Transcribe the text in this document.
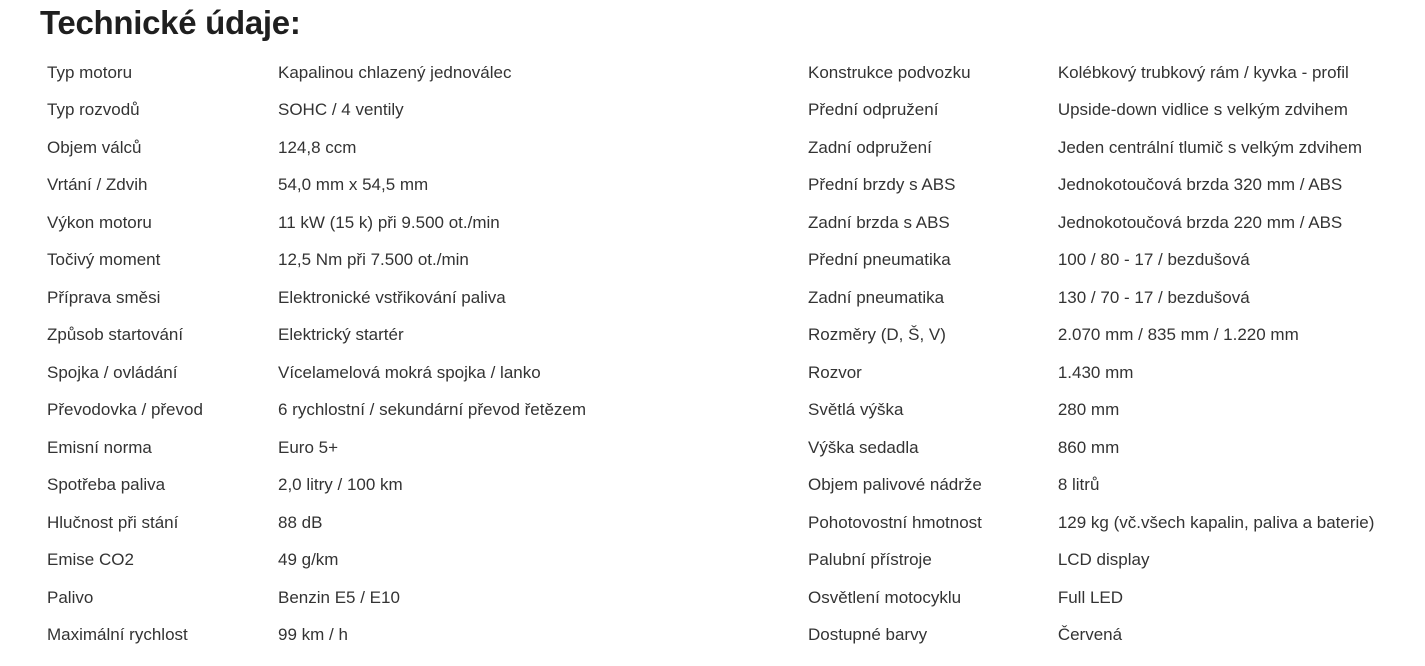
Technické údaje:
Typ motoru	Kapalinou chlazený jednoválec
Typ rozvodů	SOHC / 4 ventily
Objem válců	124,8 ccm
Vrtání / Zdvih	54,0 mm x 54,5 mm
Výkon motoru	11 kW (15 k) při 9.500 ot./min
Točivý moment	12,5 Nm při 7.500 ot./min
Příprava směsi	Elektronické vstřikování paliva
Způsob startování	Elektrický startér
Spojka / ovládání	Vícelamelová mokrá spojka / lanko
Převodovka / převod	6 rychlostní / sekundární převod řetězem
Emisní norma	Euro 5+
Spotřeba paliva	2,0 litry / 100 km
Hlučnost při stání	88 dB
Emise CO2	49 g/km
Palivo	Benzin E5 / E10
Maximální rychlost	99 km / h
Konstrukce podvozku	Kolébkový trubkový rám / kyvka - profil
Přední odpružení	Upside-down vidlice s velkým zdvihem
Zadní odpružení	Jeden centrální tlumič s velkým zdvihem
Přední brzdy s ABS	Jednokotoučová brzda 320 mm / ABS
Zadní brzda s ABS	Jednokotoučová brzda 220 mm / ABS
Přední pneumatika	100 / 80 - 17 / bezdušová
Zadní pneumatika	130 / 70 - 17 / bezdušová
Rozměry (D, Š, V)	2.070 mm / 835 mm / 1.220 mm
Rozvor	1.430 mm
Světlá výška	280 mm
Výška sedadla	860 mm
Objem palivové nádrže	8 litrů
Pohotovostní hmotnost	129 kg (vč.všech kapalin, paliva a baterie)
Palubní přístroje	LCD display
Osvětlení motocyklu	Full LED
Dostupné barvy	Červená
